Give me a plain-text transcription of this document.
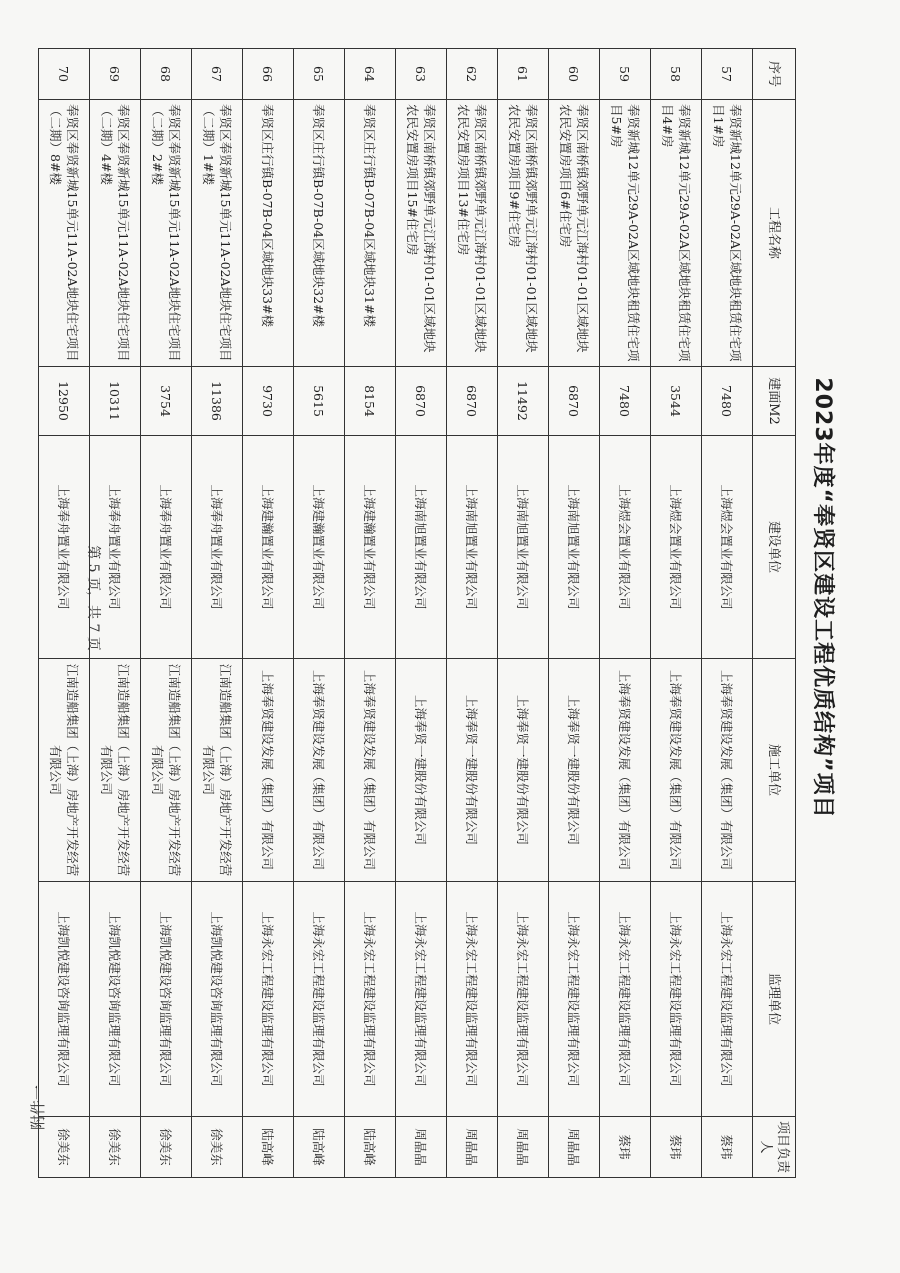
附件一
2023年度“奉贤区建设工程优质结构”项目
序号	工程名称	建面M2	建设单位	施工单位	监理单位	项目负责人
57	奉贤新城12单元29A-02A区域地块租赁住宅项目1#房	7480	上海煜会置业有限公司	上海奉贤建设发展（集团）有限公司	上海永宏工程建设监理有限公司	蔡玮
58	奉贤新城12单元29A-02A区域地块租赁住宅项目4#房	3544	上海煜会置业有限公司	上海奉贤建设发展（集团）有限公司	上海永宏工程建设监理有限公司	蔡玮
59	奉贤新城12单元29A-02A区域地块租赁住宅项目5#房	7480	上海煜会置业有限公司	上海奉贤建设发展（集团）有限公司	上海永宏工程建设监理有限公司	蔡玮
60	奉贤区南桥镇郊野单元江海村01-01区域地块农民安置房项目6#住宅房	6870	上海南旭置业有限公司	上海奉贤一建股份有限公司	上海永宏工程建设监理有限公司	周晶晶
61	奉贤区南桥镇郊野单元江海村01-01区域地块农民安置房项目9#住宅房	11492	上海南旭置业有限公司	上海奉贤一建股份有限公司	上海永宏工程建设监理有限公司	周晶晶
62	奉贤区南桥镇郊野单元江海村01-01区域地块农民安置房项目13#住宅房	6870	上海南旭置业有限公司	上海奉贤一建股份有限公司	上海永宏工程建设监理有限公司	周晶晶
63	奉贤区南桥镇郊野单元江海村01-01区域地块农民安置房项目15#住宅房	6870	上海南旭置业有限公司	上海奉贤一建股份有限公司	上海永宏工程建设监理有限公司	周晶晶
64	奉贤区庄行镇B-07B-04区域地块31#楼	8154	上海建瀚置业有限公司	上海奉贤建设发展（集团）有限公司	上海永宏工程建设监理有限公司	陆高峰
65	奉贤区庄行镇B-07B-04区域地块32#楼	5615	上海建瀚置业有限公司	上海奉贤建设发展（集团）有限公司	上海永宏工程建设监理有限公司	陆高峰
66	奉贤区庄行镇B-07B-04区域地块33#楼	9730	上海建瀚置业有限公司	上海奉贤建设发展（集团）有限公司	上海永宏工程建设监理有限公司	陆高峰
67	奉贤区奉贤新城15单元11A-02A地块住宅项目（二期）1#楼	11386	上海奉舟置业有限公司	江南造船集团（上海）房地产开发经营有限公司	上海凯悦建设咨询监理有限公司	徐美东
68	奉贤区奉贤新城15单元11A-02A地块住宅项目（二期）2#楼	3754	上海奉舟置业有限公司	江南造船集团（上海）房地产开发经营有限公司	上海凯悦建设咨询监理有限公司	徐美东
69	奉贤区奉贤新城15单元11A-02A地块住宅项目（二期）4#楼	10311	上海奉舟置业有限公司	江南造船集团（上海）房地产开发经营有限公司	上海凯悦建设咨询监理有限公司	徐美东
70	奉贤区奉贤新城15单元11A-02A地块住宅项目（二期）8#楼	12950	上海奉舟置业有限公司	江南造船集团（上海）房地产开发经营有限公司	上海凯悦建设咨询监理有限公司	徐美东
第 5 页，共 7 页
